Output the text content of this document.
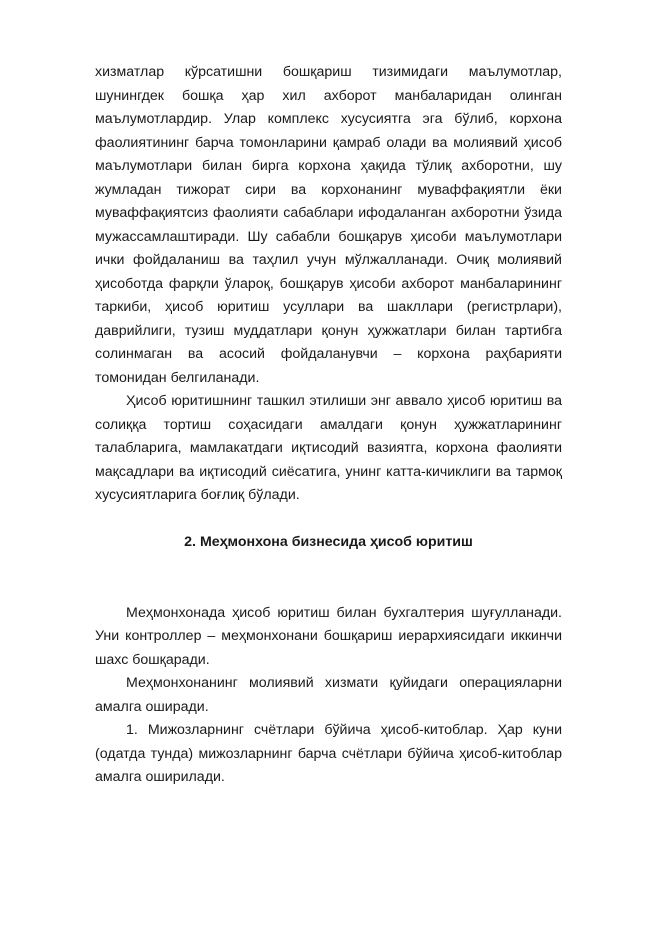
хизматлар кўрсатишни бошқариш тизимидаги маълумотлар, шунингдек бошқа ҳар хил ахборот манбаларидан олинган маълумотлардир. Улар комплекс хусусиятга эга бўлиб, корхона фаолиятининг барча томонларини қамраб олади ва молиявий ҳисоб маълумотлари билан бирга корхона ҳақида тўлиқ ахборотни, шу жумладан тижорат сири ва корхонанинг муваффақиятли ёки муваффақиятсиз фаолияти сабаблари ифодаланган ахборотни ўзида мужассамлаштиради. Шу сабабли бошқарув ҳисоби маълумотлари ички фойдаланиш ва таҳлил учун мўлжалланади. Очиқ молиявий ҳисоботда фарқли ўлароқ, бошқарув ҳисоби ахборот манбаларининг таркиби, ҳисоб юритиш усуллари ва шакллари (регистрлари), даврийлиги, тузиш муддатлари қонун ҳужжатлари билан тартибга солинмаган ва асосий фойдаланувчи – корхона раҳбарияти томонидан белгиланади.

Ҳисоб юритишнинг ташкил этилиши энг аввало ҳисоб юритиш ва солиққа тортиш соҳасидаги амалдаги қонун ҳужжатларининг талабларига, мамлакатдаги иқтисодий вазиятга, корхона фаолияти мақсадлари ва иқтисодий сиёсатига, унинг катта-кичиклиги ва тармоқ хусусиятларига боғлиқ бўлади.

2. Меҳмонхона бизнесида ҳисоб юритиш

Меҳмонхонада ҳисоб юритиш билан бухгалтерия шуғулланади. Уни контроллер – меҳмонхонани бошқариш иерархиясидаги иккинчи шахс бошқаради.

Меҳмонхонанинг молиявий хизмати қуйидаги операцияларни амалга оширади.

1. Мижозларнинг счётлари бўйича ҳисоб-китоблар. Ҳар куни (одатда тунда) мижозларнинг барча счётлари бўйича ҳисоб-китоблар амалга оширилади.
